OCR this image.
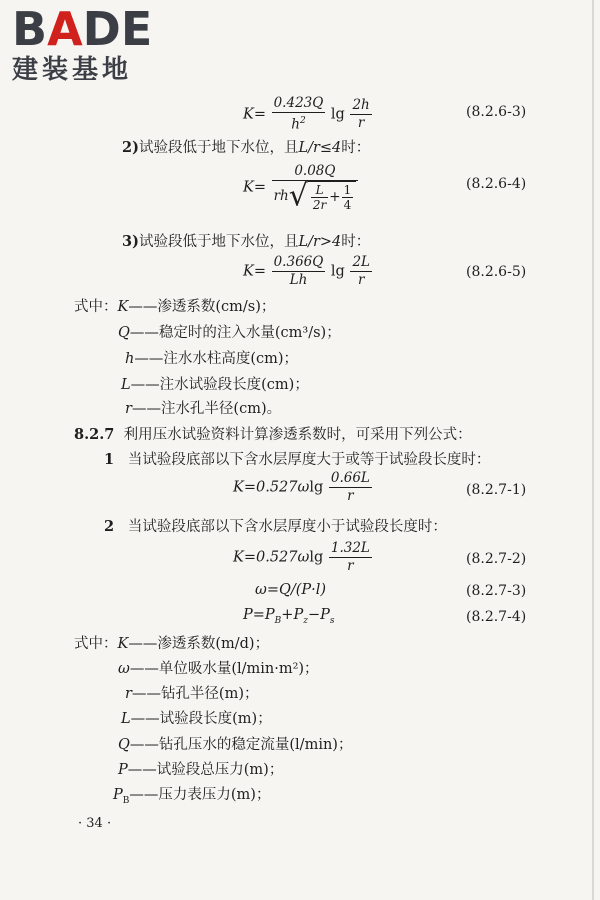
BADE
建装基地
$K= \frac{0.423Q}{h^2}$ $\lg \frac{2h}{r}$	(8.2.6-3)
2)试验段低于地下水位，且L/r≤4时：
$K= \frac{0.08Q}{rh√ \frac{L}{2r} + \frac{1}{4}}$	(8.2.6-4)
3)试验段低于地下水位，且L/r>4时：
$K= \frac{0.366Q}{Lh}$ $\lg \frac{2L}{r}$	(8.2.6-5)
式中：K——渗透系数(cm/s)；
Q——稳定时的注入水量(cm³/s)；
h——注水水柱高度(cm)；
L——注水试验段长度(cm)；
r——注水孔半径(cm)。
8.2.7 利用压水试验资料计算渗透系数时，可采用下列公式：
1 当试验段底部以下含水层厚度大于或等于试验段长度时：
$K=0.527\omega\lg \frac{0.66L}{r}$	(8.2.7-1)
2 当试验段底部以下含水层厚度小于试验段长度时：
$K=0.527\omega\lg \frac{1.32L}{r}$	(8.2.7-2)
ω=Q/(P·l)	(8.2.7-3)
$P=P_B+P_z-P_s$	(8.2.7-4)
式中：K——渗透系数(m/d)；
ω——单位吸水量(l/min·m²)；
r——钻孔半径(m)；
L——试验段长度(m)；
Q——钻孔压水的稳定流量(l/min)；
P——试验段总压力(m)；
$P_B——$压力表压力(m)；
· 34 ·
